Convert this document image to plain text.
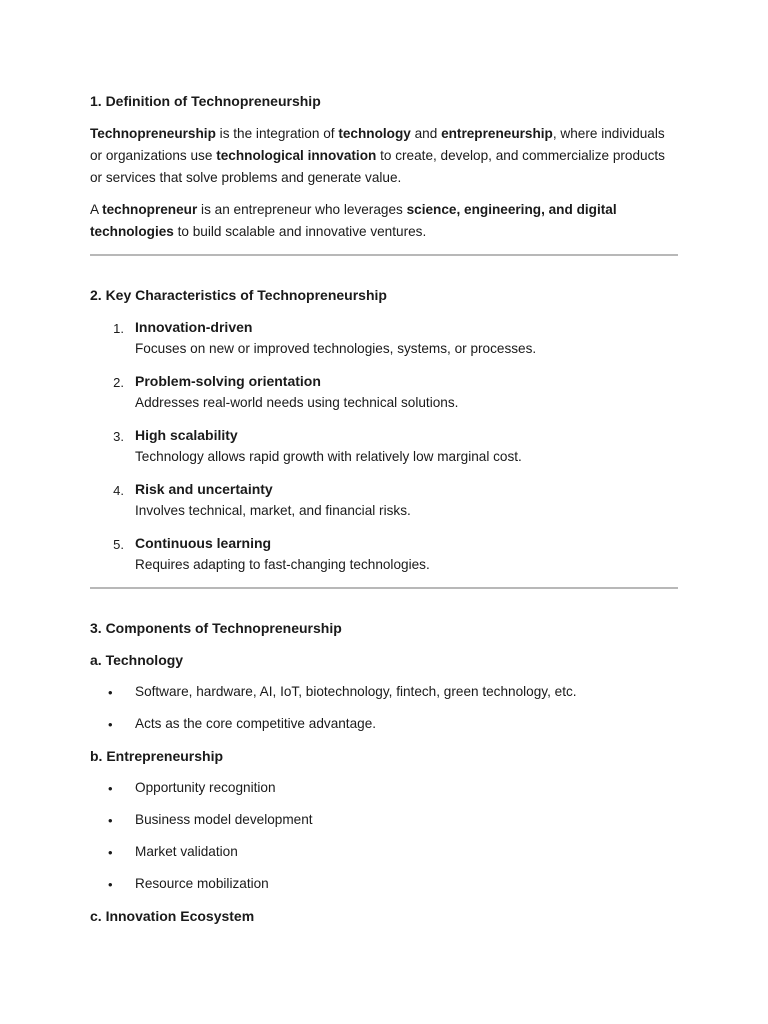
1. Definition of Technopreneurship
Technopreneurship is the integration of technology and entrepreneurship, where individuals or organizations use technological innovation to create, develop, and commercialize products or services that solve problems and generate value.
A technopreneur is an entrepreneur who leverages science, engineering, and digital technologies to build scalable and innovative ventures.
2. Key Characteristics of Technopreneurship
1. Innovation-driven
Focuses on new or improved technologies, systems, or processes.
2. Problem-solving orientation
Addresses real-world needs using technical solutions.
3. High scalability
Technology allows rapid growth with relatively low marginal cost.
4. Risk and uncertainty
Involves technical, market, and financial risks.
5. Continuous learning
Requires adapting to fast-changing technologies.
3. Components of Technopreneurship
a. Technology
• Software, hardware, AI, IoT, biotechnology, fintech, green technology, etc.
• Acts as the core competitive advantage.
b. Entrepreneurship
• Opportunity recognition
• Business model development
• Market validation
• Resource mobilization
c. Innovation Ecosystem
